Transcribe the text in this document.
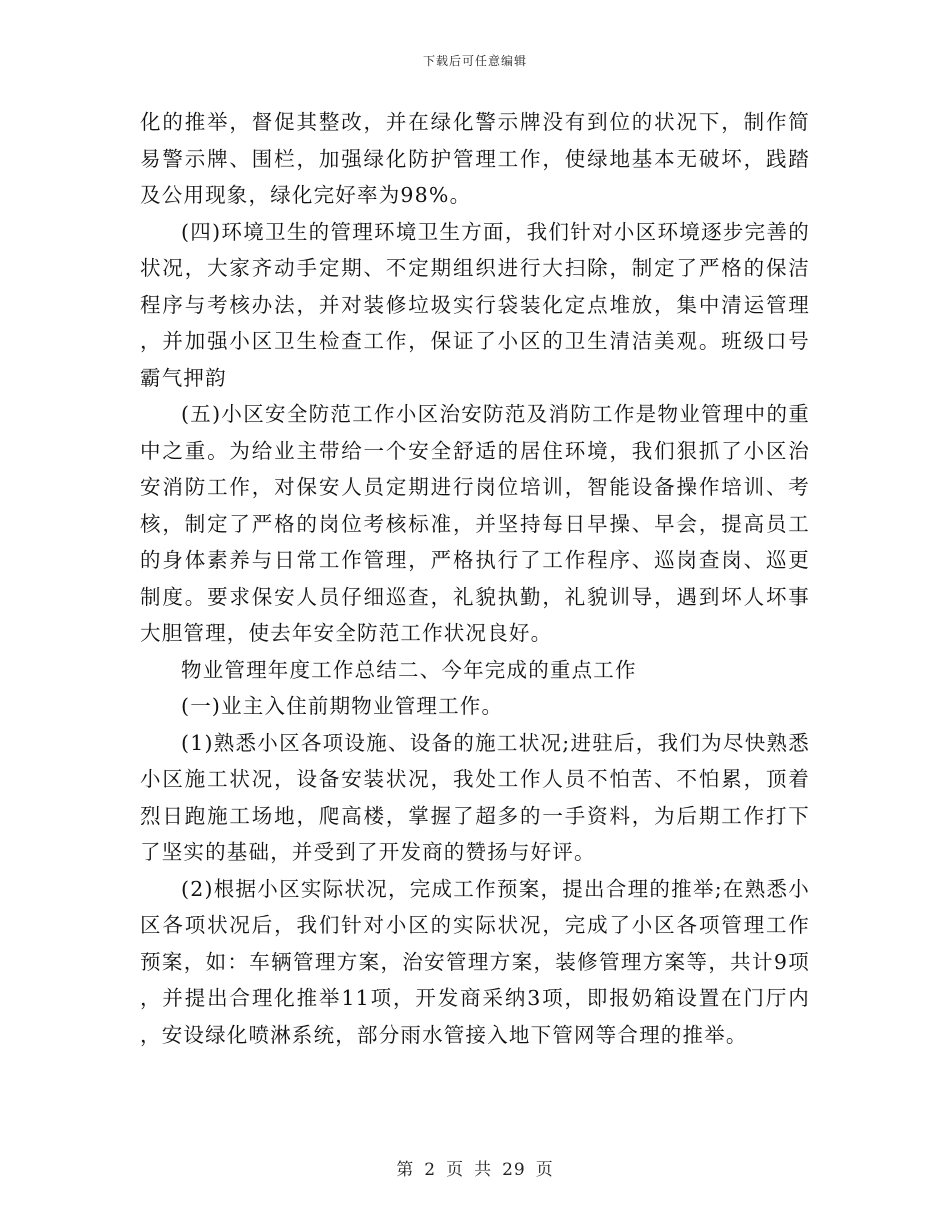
下载后可任意编辑

化的推举，督促其整改，并在绿化警示牌没有到位的状况下，制作简易警示牌、围栏，加强绿化防护管理工作，使绿地基本无破坏，践踏及公用现象，绿化完好率为98%。

(四)环境卫生的管理环境卫生方面，我们针对小区环境逐步完善的状况，大家齐动手定期、不定期组织进行大扫除，制定了严格的保洁程序与考核办法，并对装修垃圾实行袋装化定点堆放，集中清运管理，并加强小区卫生检查工作，保证了小区的卫生清洁美观。班级口号霸气押韵

(五)小区安全防范工作小区治安防范及消防工作是物业管理中的重中之重。为给业主带给一个安全舒适的居住环境，我们狠抓了小区治安消防工作，对保安人员定期进行岗位培训，智能设备操作培训、考核，制定了严格的岗位考核标准，并坚持每日早操、早会，提高员工的身体素养与日常工作管理，严格执行了工作程序、巡岗查岗、巡更制度。要求保安人员仔细巡查，礼貌执勤，礼貌训导，遇到坏人坏事大胆管理，使去年安全防范工作状况良好。

物业管理年度工作总结二、今年完成的重点工作

(一)业主入住前期物业管理工作。

(1)熟悉小区各项设施、设备的施工状况;进驻后，我们为尽快熟悉小区施工状况，设备安装状况，我处工作人员不怕苦、不怕累，顶着烈日跑施工场地，爬高楼，掌握了超多的一手资料，为后期工作打下了坚实的基础，并受到了开发商的赞扬与好评。

(2)根据小区实际状况，完成工作预案，提出合理的推举;在熟悉小区各项状况后，我们针对小区的实际状况，完成了小区各项管理工作预案，如：车辆管理方案，治安管理方案，装修管理方案等，共计9项，并提出合理化推举11项，开发商采纳3项，即报奶箱设置在门厅内，安设绿化喷淋系统，部分雨水管接入地下管网等合理的推举。

第 2 页 共 29 页
